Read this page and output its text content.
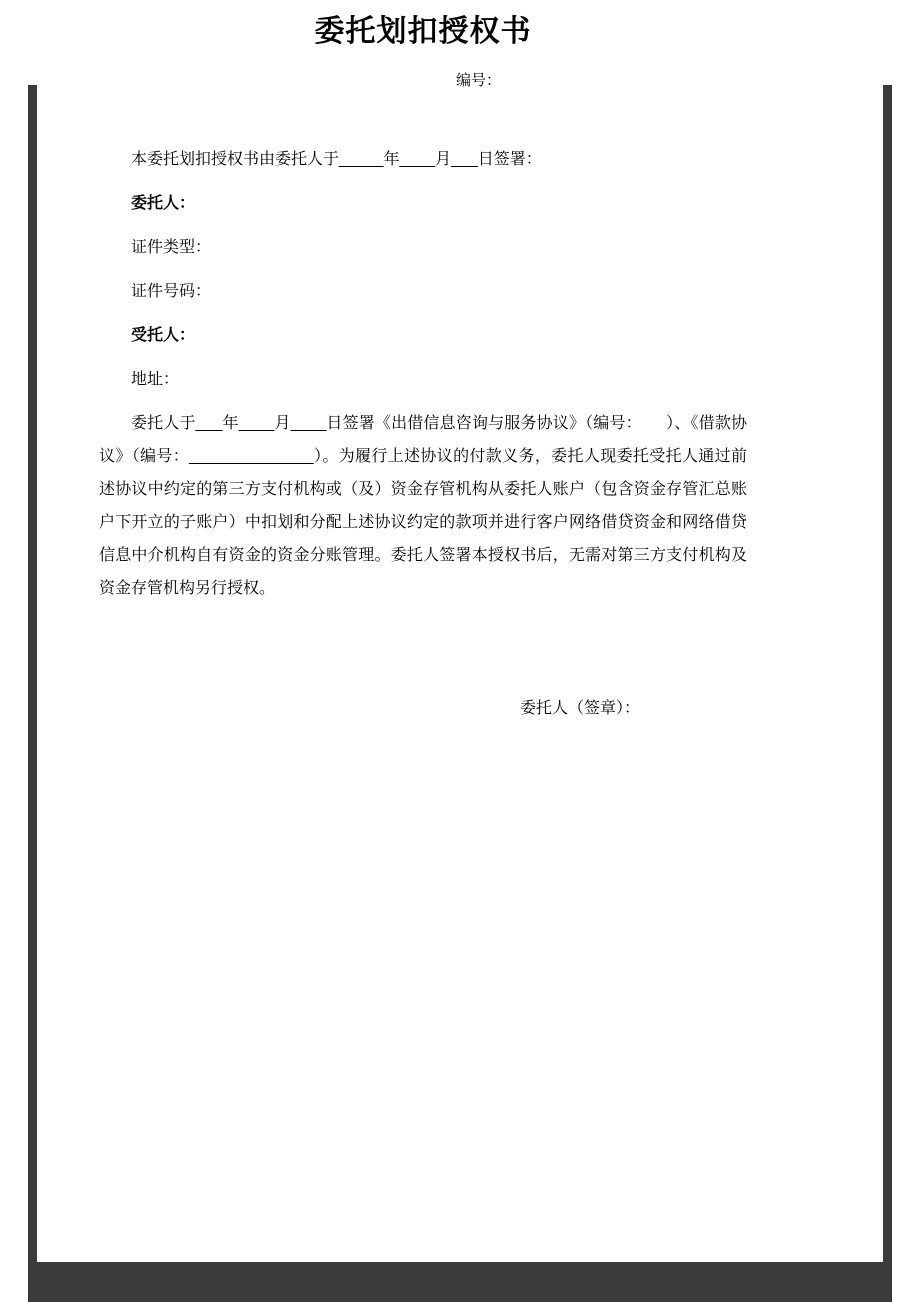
委托划扣授权书
编号：

本委托划扣授权书由委托人于_____年____月___日签署：

委托人：

证件类型：

证件号码：

受托人：

地址：

委托人于___年____月____日签署《出借信息咨询与服务协议》（编号：　　）、《借款协议》（编号：______________）。为履行上述协议的付款义务，委托人现委托受托人通过前述协议中约定的第三方支付机构或（及）资金存管机构从委托人账户（包含资金存管汇总账户下开立的子账户）中扣划和分配上述协议约定的款项并进行客户网络借贷资金和网络借贷信息中介机构自有资金的资金分账管理。委托人签署本授权书后，无需对第三方支付机构及资金存管机构另行授权。

委托人（签章）：
